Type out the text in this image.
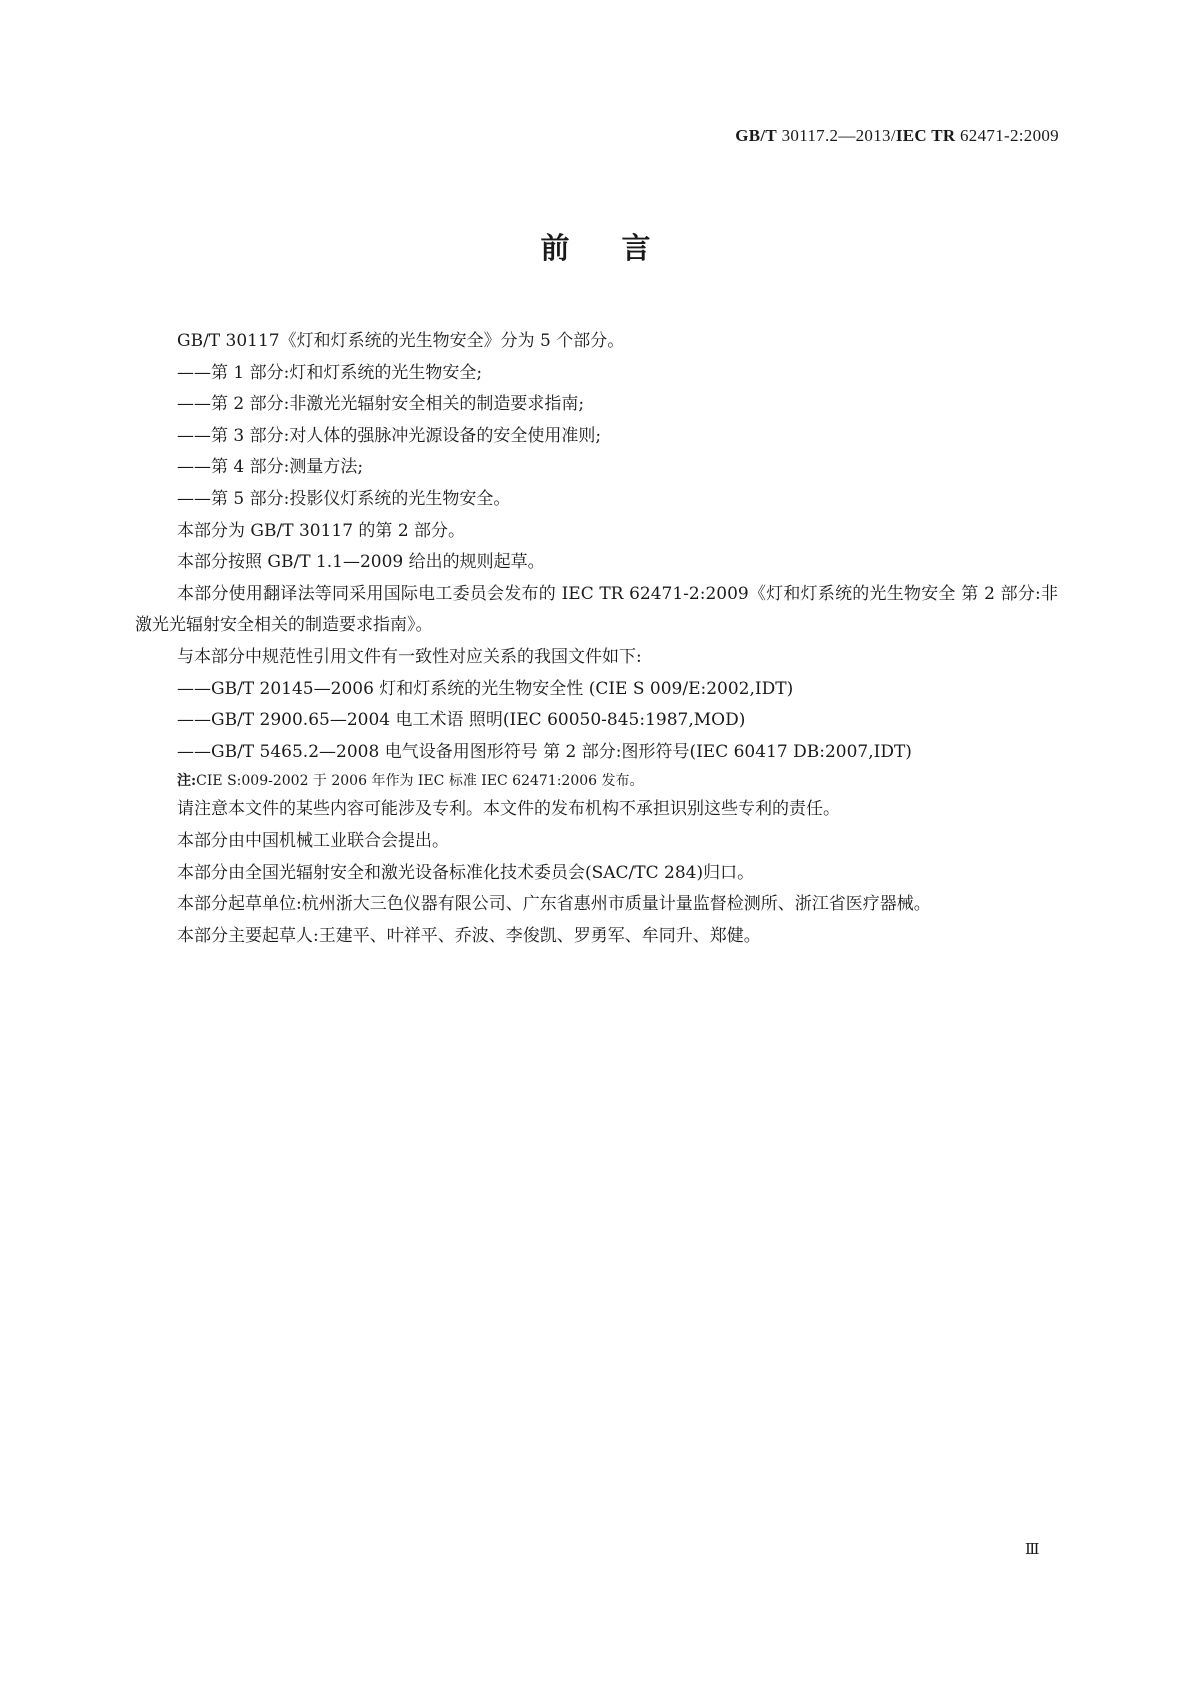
GB/T 30117.2—2013/IEC TR 62471-2:2009
前言

GB/T 30117《灯和灯系统的光生物安全》分为 5 个部分。

——第 1 部分:灯和灯系统的光生物安全;

——第 2 部分:非激光光辐射安全相关的制造要求指南;

——第 3 部分:对人体的强脉冲光源设备的安全使用准则;

——第 4 部分:测量方法;

——第 5 部分:投影仪灯系统的光生物安全。

本部分为 GB/T 30117 的第 2 部分。

本部分按照 GB/T 1.1—2009 给出的规则起草。

本部分使用翻译法等同采用国际电工委员会发布的 IEC TR 62471-2:2009《灯和灯系统的光生物安全 第 2 部分:非激光光辐射安全相关的制造要求指南》。

与本部分中规范性引用文件有一致性对应关系的我国文件如下:

——GB/T 20145—2006 灯和灯系统的光生物安全性 (CIE S 009/E:2002,IDT)

——GB/T 2900.65—2004 电工术语 照明(IEC 60050-845:1987,MOD)

——GB/T 5465.2—2008 电气设备用图形符号 第 2 部分:图形符号(IEC 60417 DB:2007,IDT)

注:CIE S:009-2002 于 2006 年作为 IEC 标准 IEC 62471:2006 发布。

请注意本文件的某些内容可能涉及专利。本文件的发布机构不承担识别这些专利的责任。

本部分由中国机械工业联合会提出。

本部分由全国光辐射安全和激光设备标准化技术委员会(SAC/TC 284)归口。

本部分起草单位:杭州浙大三色仪器有限公司、广东省惠州市质量计量监督检测所、浙江省医疗器械。

本部分主要起草人:王建平、叶祥平、乔波、李俊凯、罗勇军、牟同升、郑健。

Ⅲ
